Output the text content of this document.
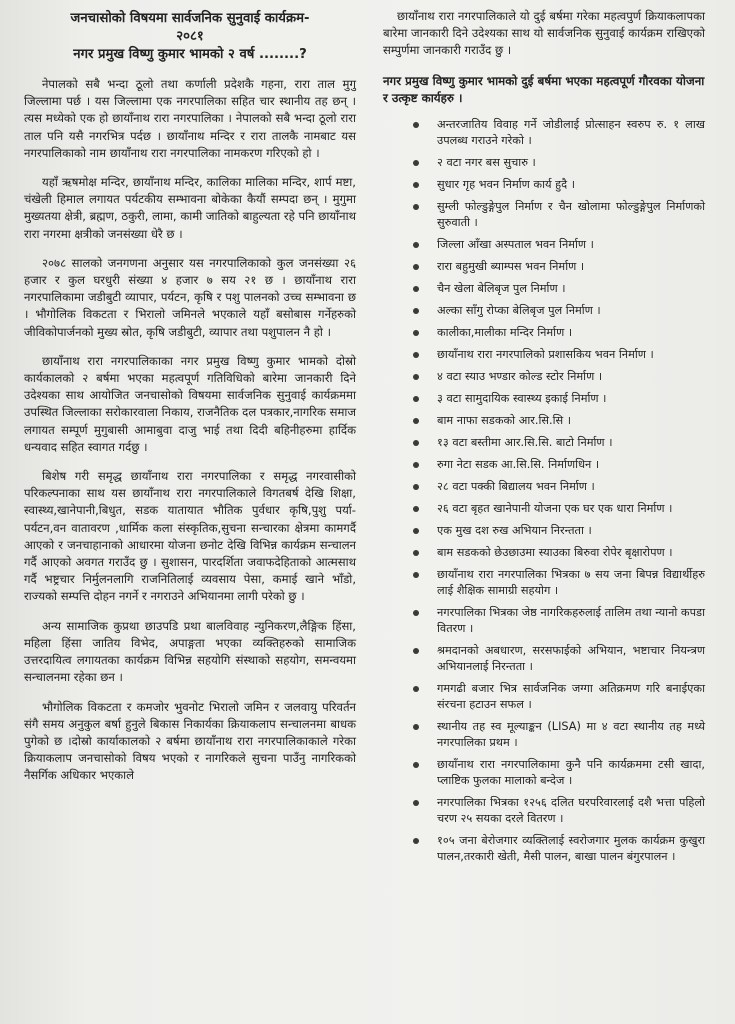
जनचासोको विषयमा सार्वजनिक सुनुवाई कार्यक्रम-
२०८१
नगर प्रमुख विष्णु कुमार भामको २ वर्ष ........?

नेपालको सबै भन्दा ठूलो तथा कर्णाली प्रदेशकै गहना, रारा ताल मुगु जिल्लामा पर्छ । यस जिल्लामा एक नगरपालिका सहित चार स्थानीय तह छन् । त्यस मध्येको एक हो छायाँनाथ रारा नगरपालिका । नेपालको सबै भन्दा ठूलो रारा ताल पनि यसै नगरभित्र पर्दछ । छायाँनाथ मन्दिर र रारा तालकै नामबाट यस नगरपालिकाको नाम छायाँनाथ रारा नगरपालिका नामकरण गरिएको हो ।

यहाँ ऋषमोक्ष मन्दिर, छायाँनाथ मन्दिर, कालिका मालिका मन्दिर, शार्प मष्टा, चंखेली हिमाल लगायत पर्यटकीय सम्भावना बोकेका कैयौं सम्पदा छन् । मुगुमा मुख्यतया क्षेत्री, ब्रह्मण, ठकुरी, लामा, कामी जातिको बाहुल्यता रहे पनि छायाँनाथ रारा नगरमा क्षत्रीको जनसंख्या धेरै छ ।

२०७८ सालको जनगणना अनुसार यस नगरपालिकाको कुल जनसंख्या २६ हजार र कुल घरधुरी संख्या ४ हजार ७ सय २१ छ । छायाँनाथ रारा नगरपालिकामा जडीबुटी व्यापार, पर्यटन, कृषि र पशु पालनको उच्च सम्भावना छ । भौगोलिक विकटता र भिरालो जमिनले भएकाले यहाँ बसोबास गर्नेहरुको जीविकोपार्जनको मुख्य स्रोत, कृषि जडीबुटी, व्यापार तथा पशुपालन नै हो ।

छायाँनाथ रारा नगरपालिकाका नगर प्रमुख विष्णु कुमार भामको दोस्रो कार्यकालको २ बर्षमा भएका महत्वपूर्ण गतिविधिको बारेमा जानकारी दिने उदेश्यका साथ आयोजित जनचासोको विषयमा सार्वजनिक सुनुवाई कार्यक्रममा उपस्थित जिल्लाका सरोकारवाला निकाय, राजनैतिक दल पत्रकार,नागरिक समाज लगायत सम्पूर्ण मुगुबासी आमाबुवा दाजु भाई तथा दिदी बहिनीहरुमा हार्दिक धन्यवाद सहित स्वागत गर्दछु ।

बिशेष गरी समृद्ध छायाँनाथ रारा नगरपालिका र समृद्ध नगरवासीको परिकल्पनाका साथ यस छायाँनाथ रारा नगरपालिकाले विगतबर्ष देखि शिक्षा, स्वास्थ्य,खानेपानी,बिधुत, सडक यातायात भौतिक पुर्वधार कृषि,पुशु पर्या-पर्यटन,वन वातावरण ,धार्मिक कला संस्कृतिक,सुचना सन्चारका क्षेत्रमा कामगर्दै आएको र जनचाहानाको आधारमा योजना छनोट देखि विभिन्न कार्यक्रम सन्चालन गर्दै आएको अवगत गराउँद छु । सुशासन, पारदर्शिता जवाफदेहिताको आत्मसाथ गर्दै भष्ट्रचार निर्मुलनलागि राजनितिलाई व्यवसाय पेसा, कमाई खाने भाँडो, राज्यको सम्पत्ति दोहन नगर्ने र नगराउने अभियानमा लागी परेको छु ।

अन्य सामाजिक कुप्रथा छाउपडि प्रथा बालविवाह न्युनिकरण,लैङ्गिक हिंसा, महिला हिंसा जातिय विभेद, अपाङ्गता भएका व्यक्तिहरुको सामाजिक उत्तरदायित्व लगायतका कार्यक्रम विभिन्न सहयोगि संस्थाको सहयोग, समन्वयमा सन्चालनमा रहेका छन ।

भौगोलिक विकटता र कमजोर भुवनोट भिरालो जमिन र जलवायु परिवर्तन संगै समय अनुकुल बर्षा हुनुले बिकास निकार्यका क्रियाकलाप सन्चालनमा बाधक पुगेको छ ।दोस्रो कार्याकालको २ बर्षमा छायाँनाथ रारा नगरपालिकाकाले गरेका क्रियाकलाप जनचासोको विषय भएको र नागरिकले सुचना पाउँनु नागरिकको नैसर्गिक अधिकार भएकाले

छायाँनाथ रारा नगरपालिकाले यो दुई बर्षमा गरेका महत्वपुर्ण क्रियाकलापका बारेमा जानकारी दिने उदेश्यका साथ यो सार्वजनिक सुनुवाई कार्यक्रम राखिएको सम्पुर्णमा जानकारी गराउँद छु ।

नगर प्रमुख विष्णु कुमार भामको दुई बर्षमा भएका महत्वपूर्ण गौरवका योजना र उत्कृष्ट कार्यहरु ।
अन्तरजातिय विवाह गर्ने जोडीलाई प्रोत्साहन स्वरुप रु. १ लाख उपलब्ध गराउने गरेको ।
२ वटा नगर बस सुचारु ।
सुधार गृह भवन निर्माण कार्य हुदै ।
सुम्ली फोल्डुङ्गेपुल निर्माण र चैन खोलामा फोल्डुङ्गेपुल निर्माणको सुरुवाती ।
जिल्ला आँखा अस्पताल भवन निर्माण ।
रारा बहुमुखी ब्याम्पस भवन निर्माण ।
चैन खेला बेलिबृज पुल निर्माण ।
अल्का साँगु रोप्का बेलिबृज पुल निर्माण ।
कालीका,मालीका मन्दिर निर्माण ।
छायाँनाथ रारा नगरपालिको प्रशासकिय भवन निर्माण ।
४ वटा स्याउ भण्डार कोल्ड स्टोर निर्माण ।
३ वटा सामुदायिक स्वास्थ्य इकाई निर्माण ।
बाम नाफा सडकको आर.सि.सि ।
१३ वटा बस्तीमा आर.सि.सि. बाटो निर्माण ।
रुगा नेटा सडक आ.सि.सि. निर्माणधिन ।
२८ वटा पक्की बिद्यालय भवन निर्माण ।
२६ वटा बृहत खानेपानी योजना एक घर एक धारा निर्माण ।
एक मुख दश रुख अभियान निरन्तता ।
बाम सडकको छेउछाउमा स्याउका बिरुवा रोपेर बृक्षारोपण ।
छायाँनाथ रारा नगरपालिका भित्रका ७ सय जना बिपन्न विद्यार्थीहरु लाई शैक्षिक सामाग्री सहयोग ।
नगरपालिका भित्रका जेष्ठ नागरिकहरुलाई तालिम तथा न्यानो कपडा वितरण ।
श्रमदानको अबधारण, सरसफाईको अभियान, भष्टाचार नियन्त्रण अभियानलाई निरन्तता ।
गमगढी बजार भित्र सार्वजनिक जग्गा अतिक्रमण गरि बनाईएका संरचना हटाउन सफल ।
स्थानीय तह स्व मूल्याङ्कन (LISA) मा ४ वटा स्थानीय तह मध्ये नगरपालिका प्रथम ।
छायाँनाथ रारा नगरपालिकामा कुनै पनि कार्यक्रममा टसी खादा, प्लाष्टिक फुलका मालाको बन्देज ।
नगरपालिका भित्रका १२५६ दलित घरपरिवारलाई दशै भत्ता पहिलो चरण २५ सयका दरले वितरण ।
१०५ जना बेरोजगार व्यक्तिलाई स्वरोजगार मुलक कार्यक्रम कुखुरा पालन,तरकारी खेती, मैसी पालन, बाखा पालन बंगुरपालन ।
